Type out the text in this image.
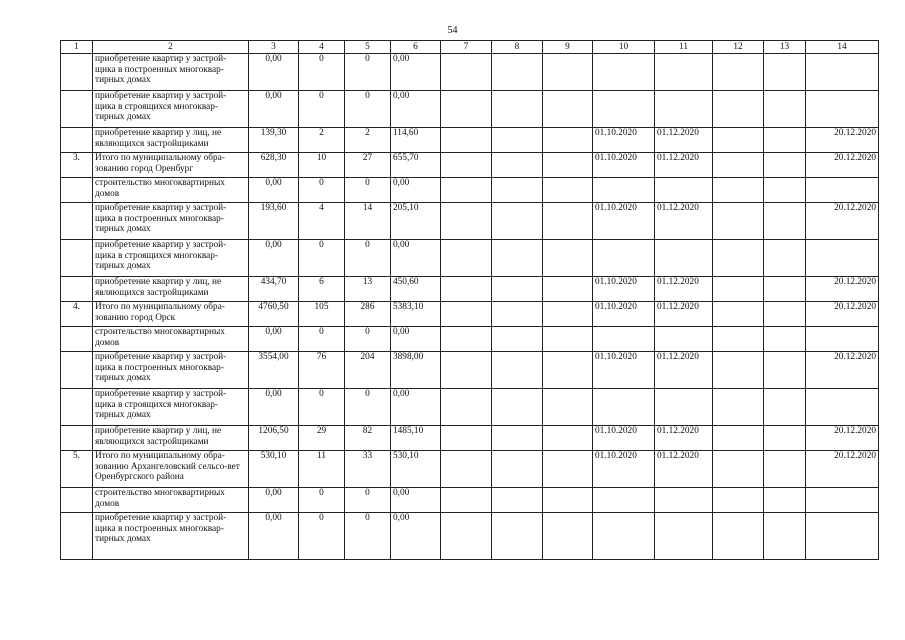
54
1	2	3	4	5	6	7	8	9	10	11	12	13	14
	приобретение квартир у застрой-щика в построенных многоквар-тирных домах	0,00	0	0	0,00								
	приобретение квартир у застрой-щика в строящихся многоквар-тирных домах	0,00	0	0	0,00								
	приобретение квартир у лиц, не являющихся застройщиками	139,30	2	2	114,60				01.10.2020	01.12.2020			20.12.2020
3.	Итого по муниципальному обра-зованию город Оренбург	628,30	10	27	655,70				01.10.2020	01.12.2020			20.12.2020
	строительство многоквартирных домов	0,00	0	0	0,00								
	приобретение квартир у застрой-щика в построенных многоквар-тирных домах	193,60	4	14	205,10				01.10.2020	01.12.2020			20.12.2020
	приобретение квартир у застрой-щика в строящихся многоквар-тирных домах	0,00	0	0	0,00								
	приобретение квартир у лиц, не являющихся застройщиками	434,70	6	13	450,60				01.10.2020	01.12.2020			20.12.2020
4.	Итого по муниципальному обра-зованию город Орск	4760,50	105	286	5383,10				01.10.2020	01.12.2020			20.12.2020
	строительство многоквартирных домов	0,00	0	0	0,00								
	приобретение квартир у застрой-щика в построенных многоквар-тирных домах	3554,00	76	204	3898,00				01.10.2020	01.12.2020			20.12.2020
	приобретение квартир у застрой-щика в строящихся многоквар-тирных домах	0,00	0	0	0,00								
	приобретение квартир у лиц, не являющихся застройщиками	1206,50	29	82	1485,10				01.10.2020	01.12.2020			20.12.2020
5.	Итого по муниципальному обра-зованию Архангеловский сельсо-вет Оренбургского района	530,10	11	33	530,10				01.10.2020	01.12.2020			20.12.2020
	строительство многоквартирных домов	0,00	0	0	0,00								
	приобретение квартир у застрой-щика в построенных многоквар-тирных домах	0,00	0	0	0,00								
